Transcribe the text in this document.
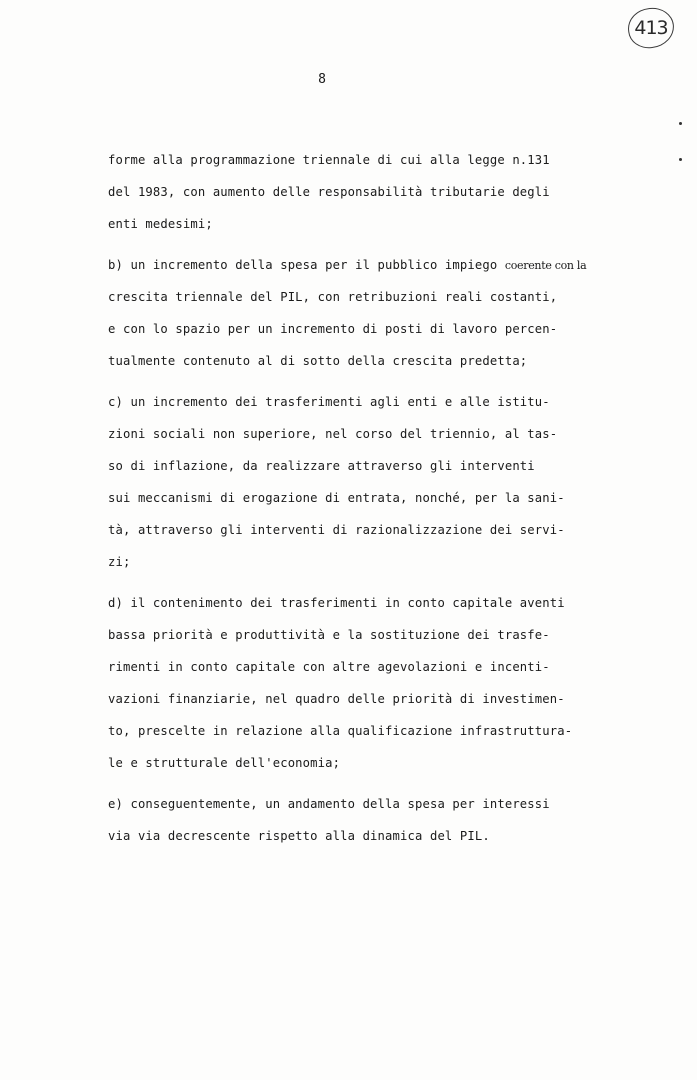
413
8
forme alla programmazione triennale di cui alla legge n.131
del 1983, con aumento delle responsabilità tributarie degli
enti medesimi;
b) un incremento della spesa per il pubblico impiego coerente con la
crescita triennale del PIL, con retribuzioni reali costanti,
e con lo spazio per un incremento di posti di lavoro percen-
tualmente contenuto al di sotto della crescita predetta;
c) un incremento dei trasferimenti agli enti e alle istitu-
zioni sociali non superiore, nel corso del triennio, al tas-
so di inflazione, da realizzare attraverso gli interventi
sui meccanismi di erogazione di entrata, nonché, per la sani-
tà, attraverso gli interventi di razionalizzazione dei servi-
zi;
d) il contenimento dei trasferimenti in conto capitale aventi
bassa priorità e produttività e la sostituzione dei trasfe-
rimenti in conto capitale con altre agevolazioni e incenti-
vazioni finanziarie, nel quadro delle priorità di investimen-
to, prescelte in relazione alla qualificazione infrastruttura-
le e strutturale dell'economia;
e) conseguentemente, un andamento della spesa per interessi
via via decrescente rispetto alla dinamica del PIL.
